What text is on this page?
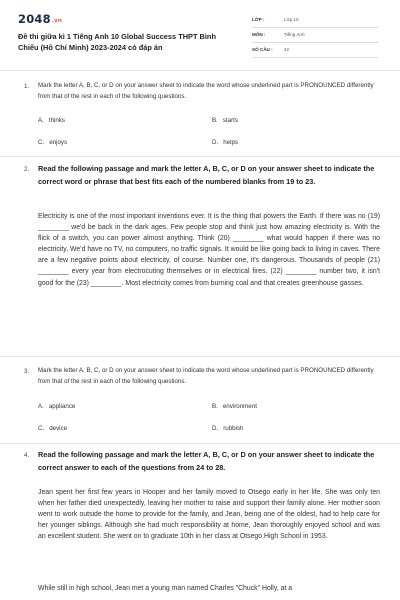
2048.vn
Đề thi giữa kì 1 Tiếng Anh 10 Global Success THPT Bình Chiểu (Hồ Chí Minh) 2023-2024 có đáp án
LỚP :	Lớp 10
MÔN :	Tiếng Anh
SỐ CÂU : 42
1. Mark the letter A, B, C, or D on your answer sheet to indicate the word whose underlined part is PRONOUNCED differently from that of the rest in each of the following questions.
A. thinks	B. starts
C. enjoys	D. helps
2. Read the following passage and mark the letter A, B, C, or D on your answer sheet to indicate the correct word or phrase that best fits each of the numbered blanks from 19 to 23.
Electricity is one of the most important inventions ever. It is the thing that powers the Earth. If there was no (19) ________ we'd be back in the dark ages. Few people stop and think just how amazing electricity is. With the flick of a switch, you can power almost anything. Think (20) ________ what would happen if there was no electricity. We'd have no TV, no computers, no traffic signals. It would be like going back to living in caves. There are a few negative points about electricity, of course. Number one, it's dangerous. Thousands of people (21) ________ every year from electrocuting themselves or in electrical fires. (22) ________ number two, it isn't good for the (23) ________. Most electricity comes from burning coal and that creates greenhouse gasses.
3. Mark the letter A, B, C, or D on your answer sheet to indicate the word whose underlined part is PRONOUNCED differently from that of the rest in each of the following questions.
A. appliance	B. environment
C. device	D. rubbish
4. Read the following passage and mark the letter A, B, C, or D on your answer sheet to indicate the correct answer to each of the questions from 24 to 28.
Jean spent her first few years in Hooper and her family moved to Otsego early in her life. She was only ten when her father died unexpectedly, leaving her mother to raise and support their family alone. Her mother soon went to work outside the home to provide for the family, and Jean, being one of the oldest, had to help care for her younger siblings. Although she had much responsibility at home, Jean thoroughly enjoyed school and was an excellent student. She went on to graduate 10th in her class at Otsego High School in 1953.
While still in high school, Jean met a young man named Charles "Chuck" Holly, at a
